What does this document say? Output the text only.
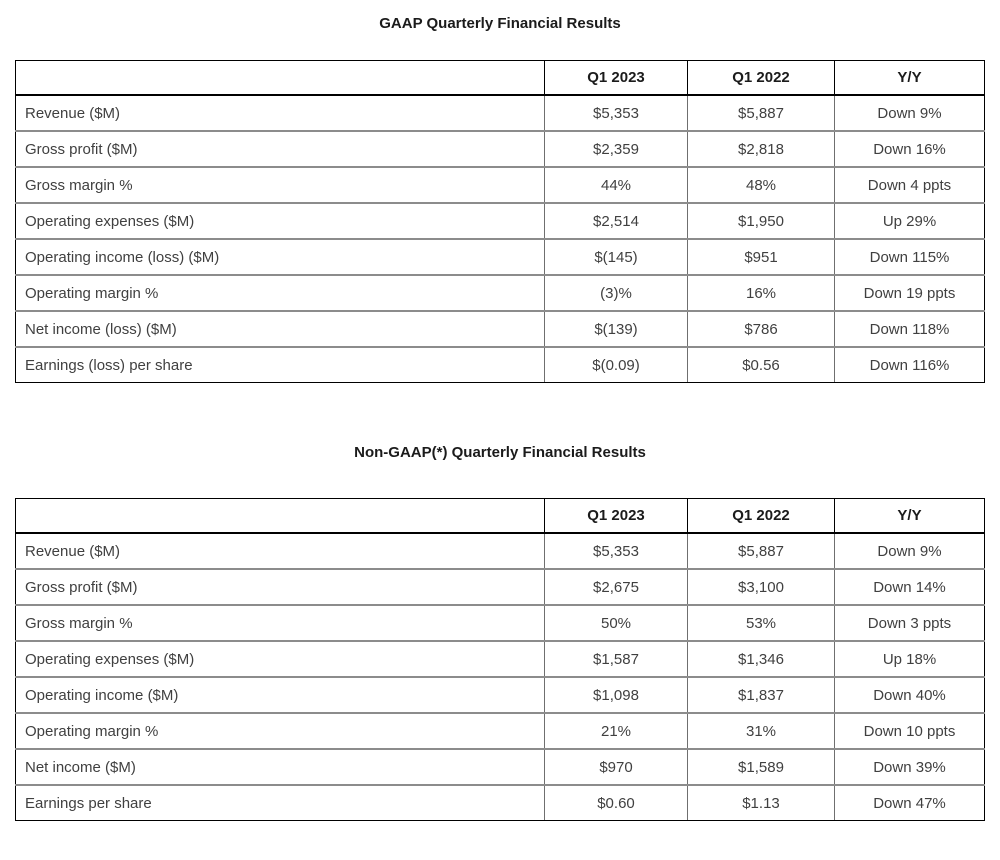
GAAP Quarterly Financial Results
	Q1 2023	Q1 2022	Y/Y
Revenue ($M)	$5,353	$5,887	Down 9%
Gross profit ($M)	$2,359	$2,818	Down 16%
Gross margin %	44%	48%	Down 4 ppts
Operating expenses ($M)	$2,514	$1,950	Up 29%
Operating income (loss) ($M)	$(145)	$951	Down 115%
Operating margin %	(3)%	16%	Down 19 ppts
Net income (loss) ($M)	$(139)	$786	Down 118%
Earnings (loss) per share	$(0.09)	$0.56	Down 116%
Non-GAAP(*) Quarterly Financial Results
	Q1 2023	Q1 2022	Y/Y
Revenue ($M)	$5,353	$5,887	Down 9%
Gross profit ($M)	$2,675	$3,100	Down 14%
Gross margin %	50%	53%	Down 3 ppts
Operating expenses ($M)	$1,587	$1,346	Up 18%
Operating income ($M)	$1,098	$1,837	Down 40%
Operating margin %	21%	31%	Down 10 ppts
Net income ($M)	$970	$1,589	Down 39%
Earnings per share	$0.60	$1.13	Down 47%
